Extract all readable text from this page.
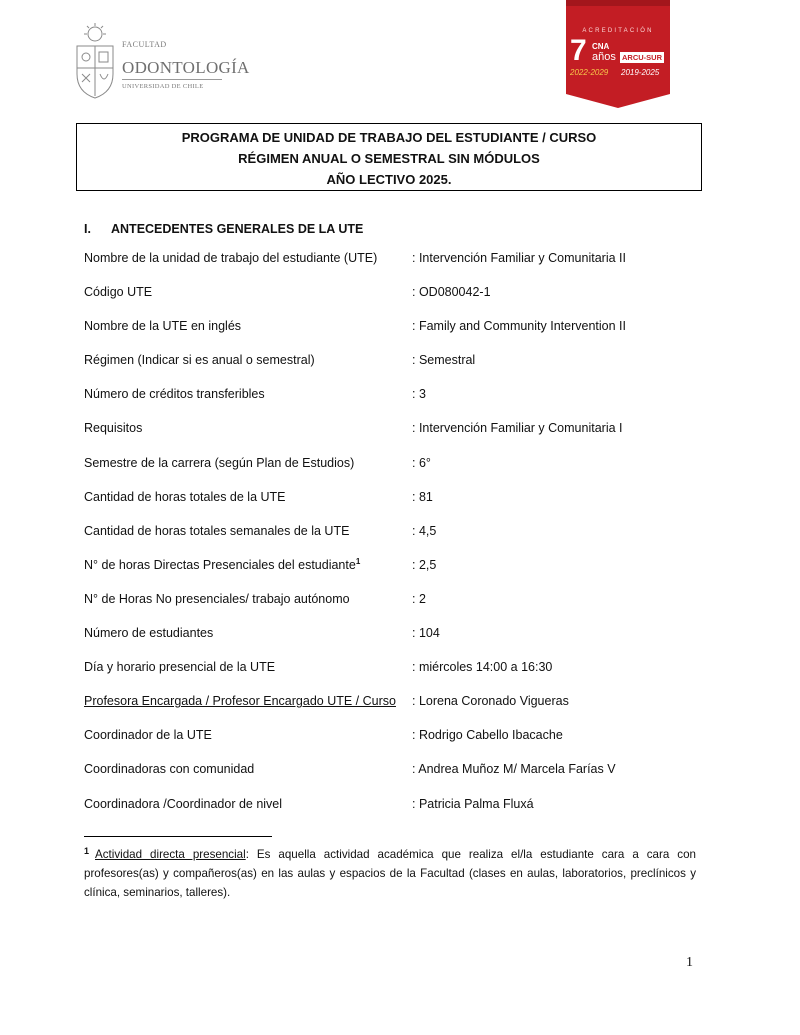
FACULTAD
ODONTOLOGÍA
UNIVERSIDAD DE CHILE
ACREDITACIÓN
7 CNA
años
2022-2029
ARCU-SUR
2019-2025
PROGRAMA DE UNIDAD DE TRABAJO DEL ESTUDIANTE / CURSO
RÉGIMEN ANUAL O SEMESTRAL SIN MÓDULOS
AÑO LECTIVO 2025.
I. ANTECEDENTES GENERALES DE LA UTE
Nombre de la unidad de trabajo del estudiante (UTE)	: Intervención Familiar y Comunitaria II
Código UTE	: OD080042-1
Nombre de la UTE en inglés	: Family and Community Intervention II
Régimen (Indicar si es anual o semestral)	: Semestral
Número de créditos transferibles	: 3
Requisitos	: Intervención Familiar y Comunitaria I
Semestre de la carrera (según Plan de Estudios)	: 6°
Cantidad de horas totales de la UTE	: 81
Cantidad de horas totales semanales de la UTE	: 4,5
N° de horas Directas Presenciales del estudiante$^1$	: 2,5
N° de Horas No presenciales/ trabajo autónomo	: 2
Número de estudiantes	: 104
Día y horario presencial de la UTE	: miércoles 14:00 a 16:30
Profesora Encargada / Profesor Encargado UTE / Curso : Lorena Coronado Vigueras
Coordinador de la UTE	: Rodrigo Cabello Ibacache
Coordinadoras con comunidad	: Andrea Muñoz M/ Marcela Farías V
Coordinadora /Coordinador de nivel	: Patricia Palma Fluxá
$^1$ Actividad directa presencial: Es aquella actividad académica que realiza el/la estudiante cara a cara con profesores(as) y compañeros(as) en las aulas y espacios de la Facultad (clases en aulas, laboratorios, preclínicos y clínica, seminarios, talleres).
1
